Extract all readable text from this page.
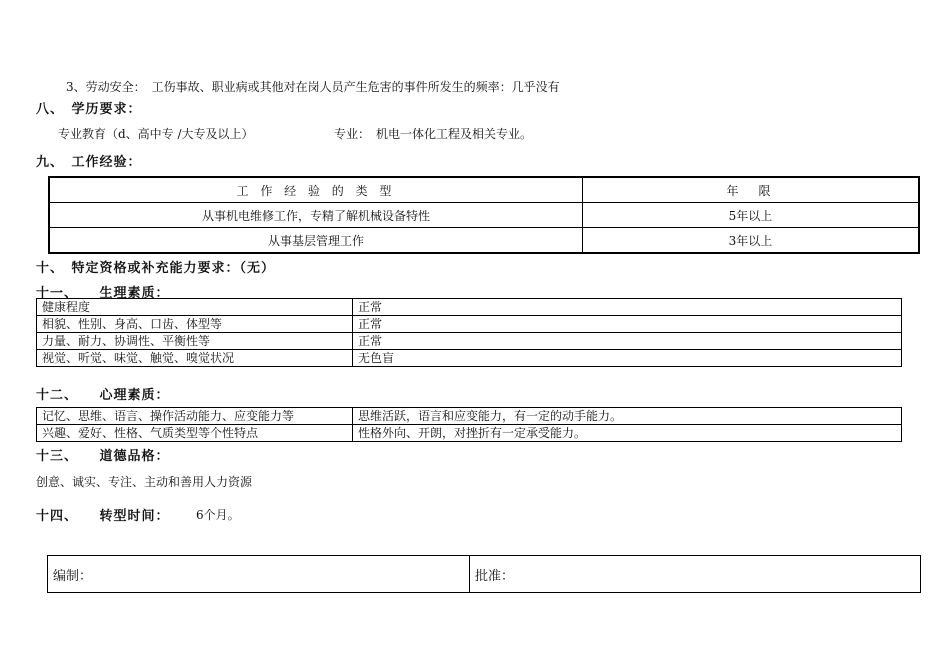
3、劳动安全：　工伤事故、职业病或其他对在岗人员产生危害的事件所发生的频率：几乎没有
八、　学历要求：
专业教育（d、高中专 /大专及以上）	专业：　机电一体化工程及相关专业。
九、　工作经验：
工 作 经 验 的 类 型	年　限
从事机电维修工作，专精了解机械设备特性	5年以上
从事基层管理工作	3年以上
十、　特定资格或补充能力要求：（无）
十一、　　生理素质：
健康程度	正常
相貌、性别、身高、口齿、体型等	正常
力量、耐力、协调性、平衡性等	正常
视觉、听觉、味觉、触觉、嗅觉状况	无色盲
十二、　　心理素质：
记忆、思维、语言、操作活动能力、应变能力等	思维活跃，语言和应变能力，有一定的动手能力。
兴趣、爱好、性格、气质类型等个性特点	性格外向、开朗，对挫折有一定承受能力。
十三、　　道德品格：
创意、诚实、专注、主动和善用人力资源
十四、　　转型时间： 6个月。
编制：	批准：
